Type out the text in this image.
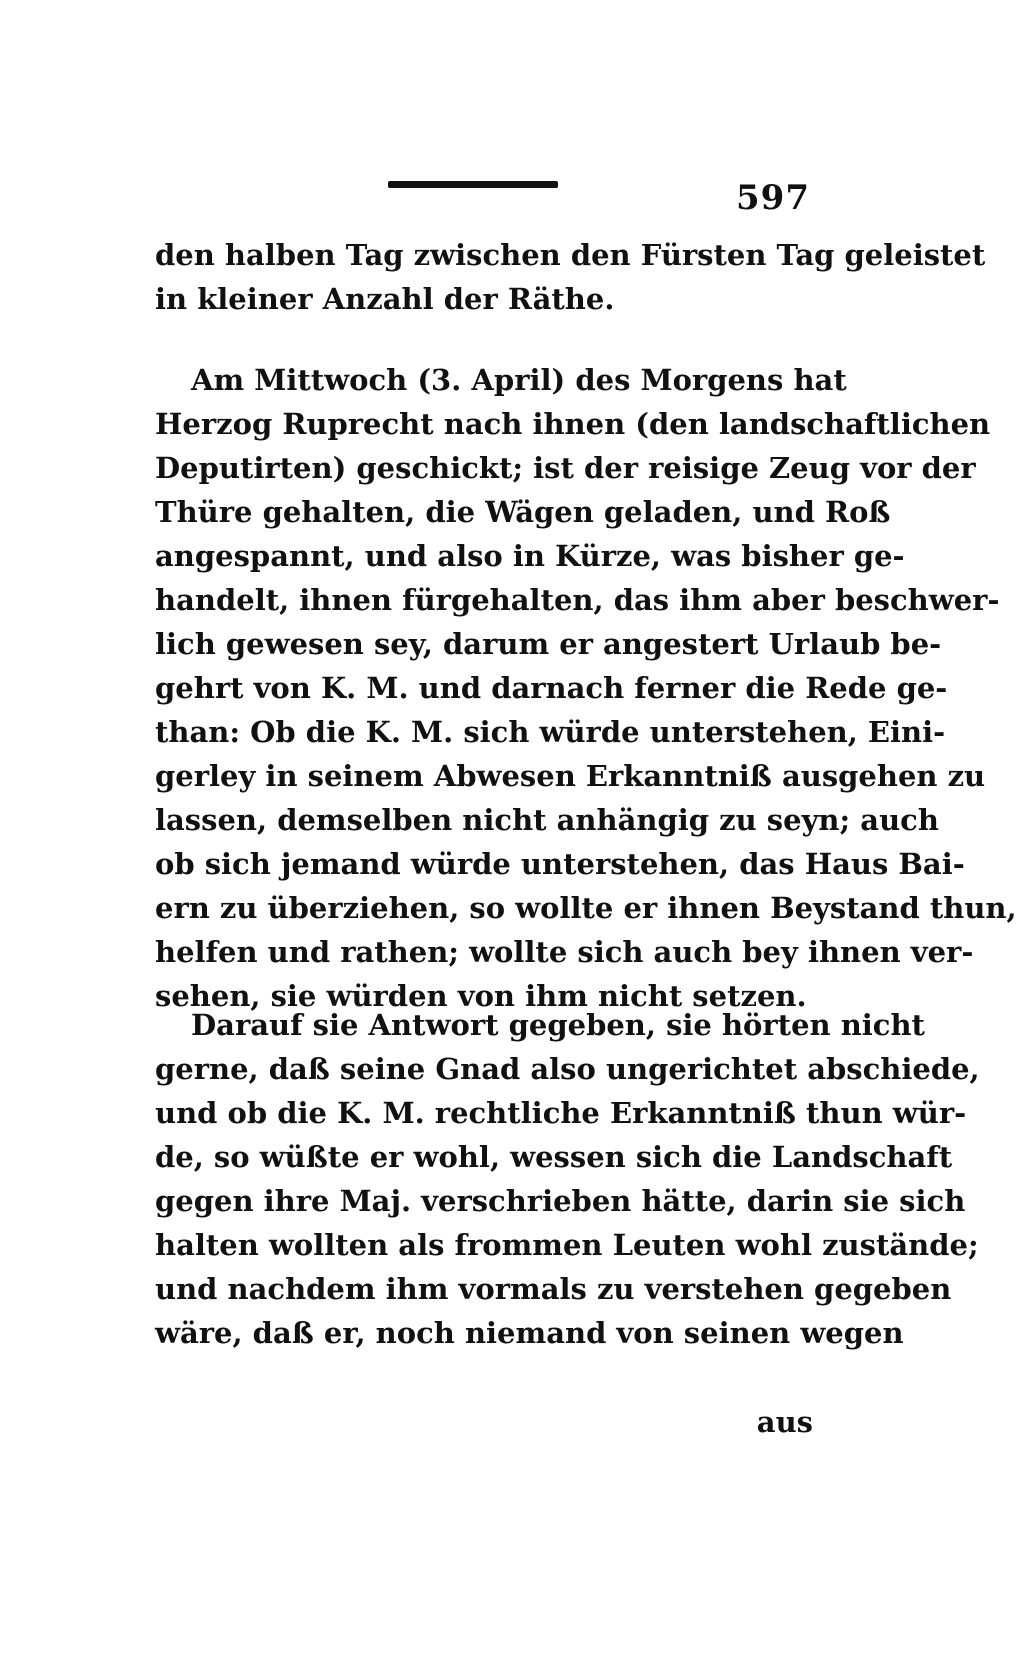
597
den halben Tag zwischen den Fürsten Tag geleistet
in kleiner Anzahl der Räthe.
Am Mittwoch (3. April) des Morgens hat
Herzog Ruprecht nach ihnen (den landschaftlichen
Deputirten) geschickt; ist der reisige Zeug vor der
Thüre gehalten, die Wägen geladen, und Roß
angespannt, und also in Kürze, was bisher ge-
handelt, ihnen fürgehalten, das ihm aber beschwer-
lich gewesen sey, darum er angestert Urlaub be-
gehrt von K. M. und darnach ferner die Rede ge-
than: Ob die K. M. sich würde unterstehen, Eini-
gerley in seinem Abwesen Erkanntniß ausgehen zu
lassen, demselben nicht anhängig zu seyn; auch
ob sich jemand würde unterstehen, das Haus Bai-
ern zu überziehen, so wollte er ihnen Beystand thun,
helfen und rathen; wollte sich auch bey ihnen ver-
sehen, sie würden von ihm nicht setzen.
Darauf sie Antwort gegeben, sie hörten nicht
gerne, daß seine Gnad also ungerichtet abschiede,
und ob die K. M. rechtliche Erkanntniß thun wür-
de, so wüßte er wohl, wessen sich die Landschaft
gegen ihre Maj. verschrieben hätte, darin sie sich
halten wollten als frommen Leuten wohl zustände;
und nachdem ihm vormals zu verstehen gegeben
wäre, daß er, noch niemand von seinen wegen
aus
